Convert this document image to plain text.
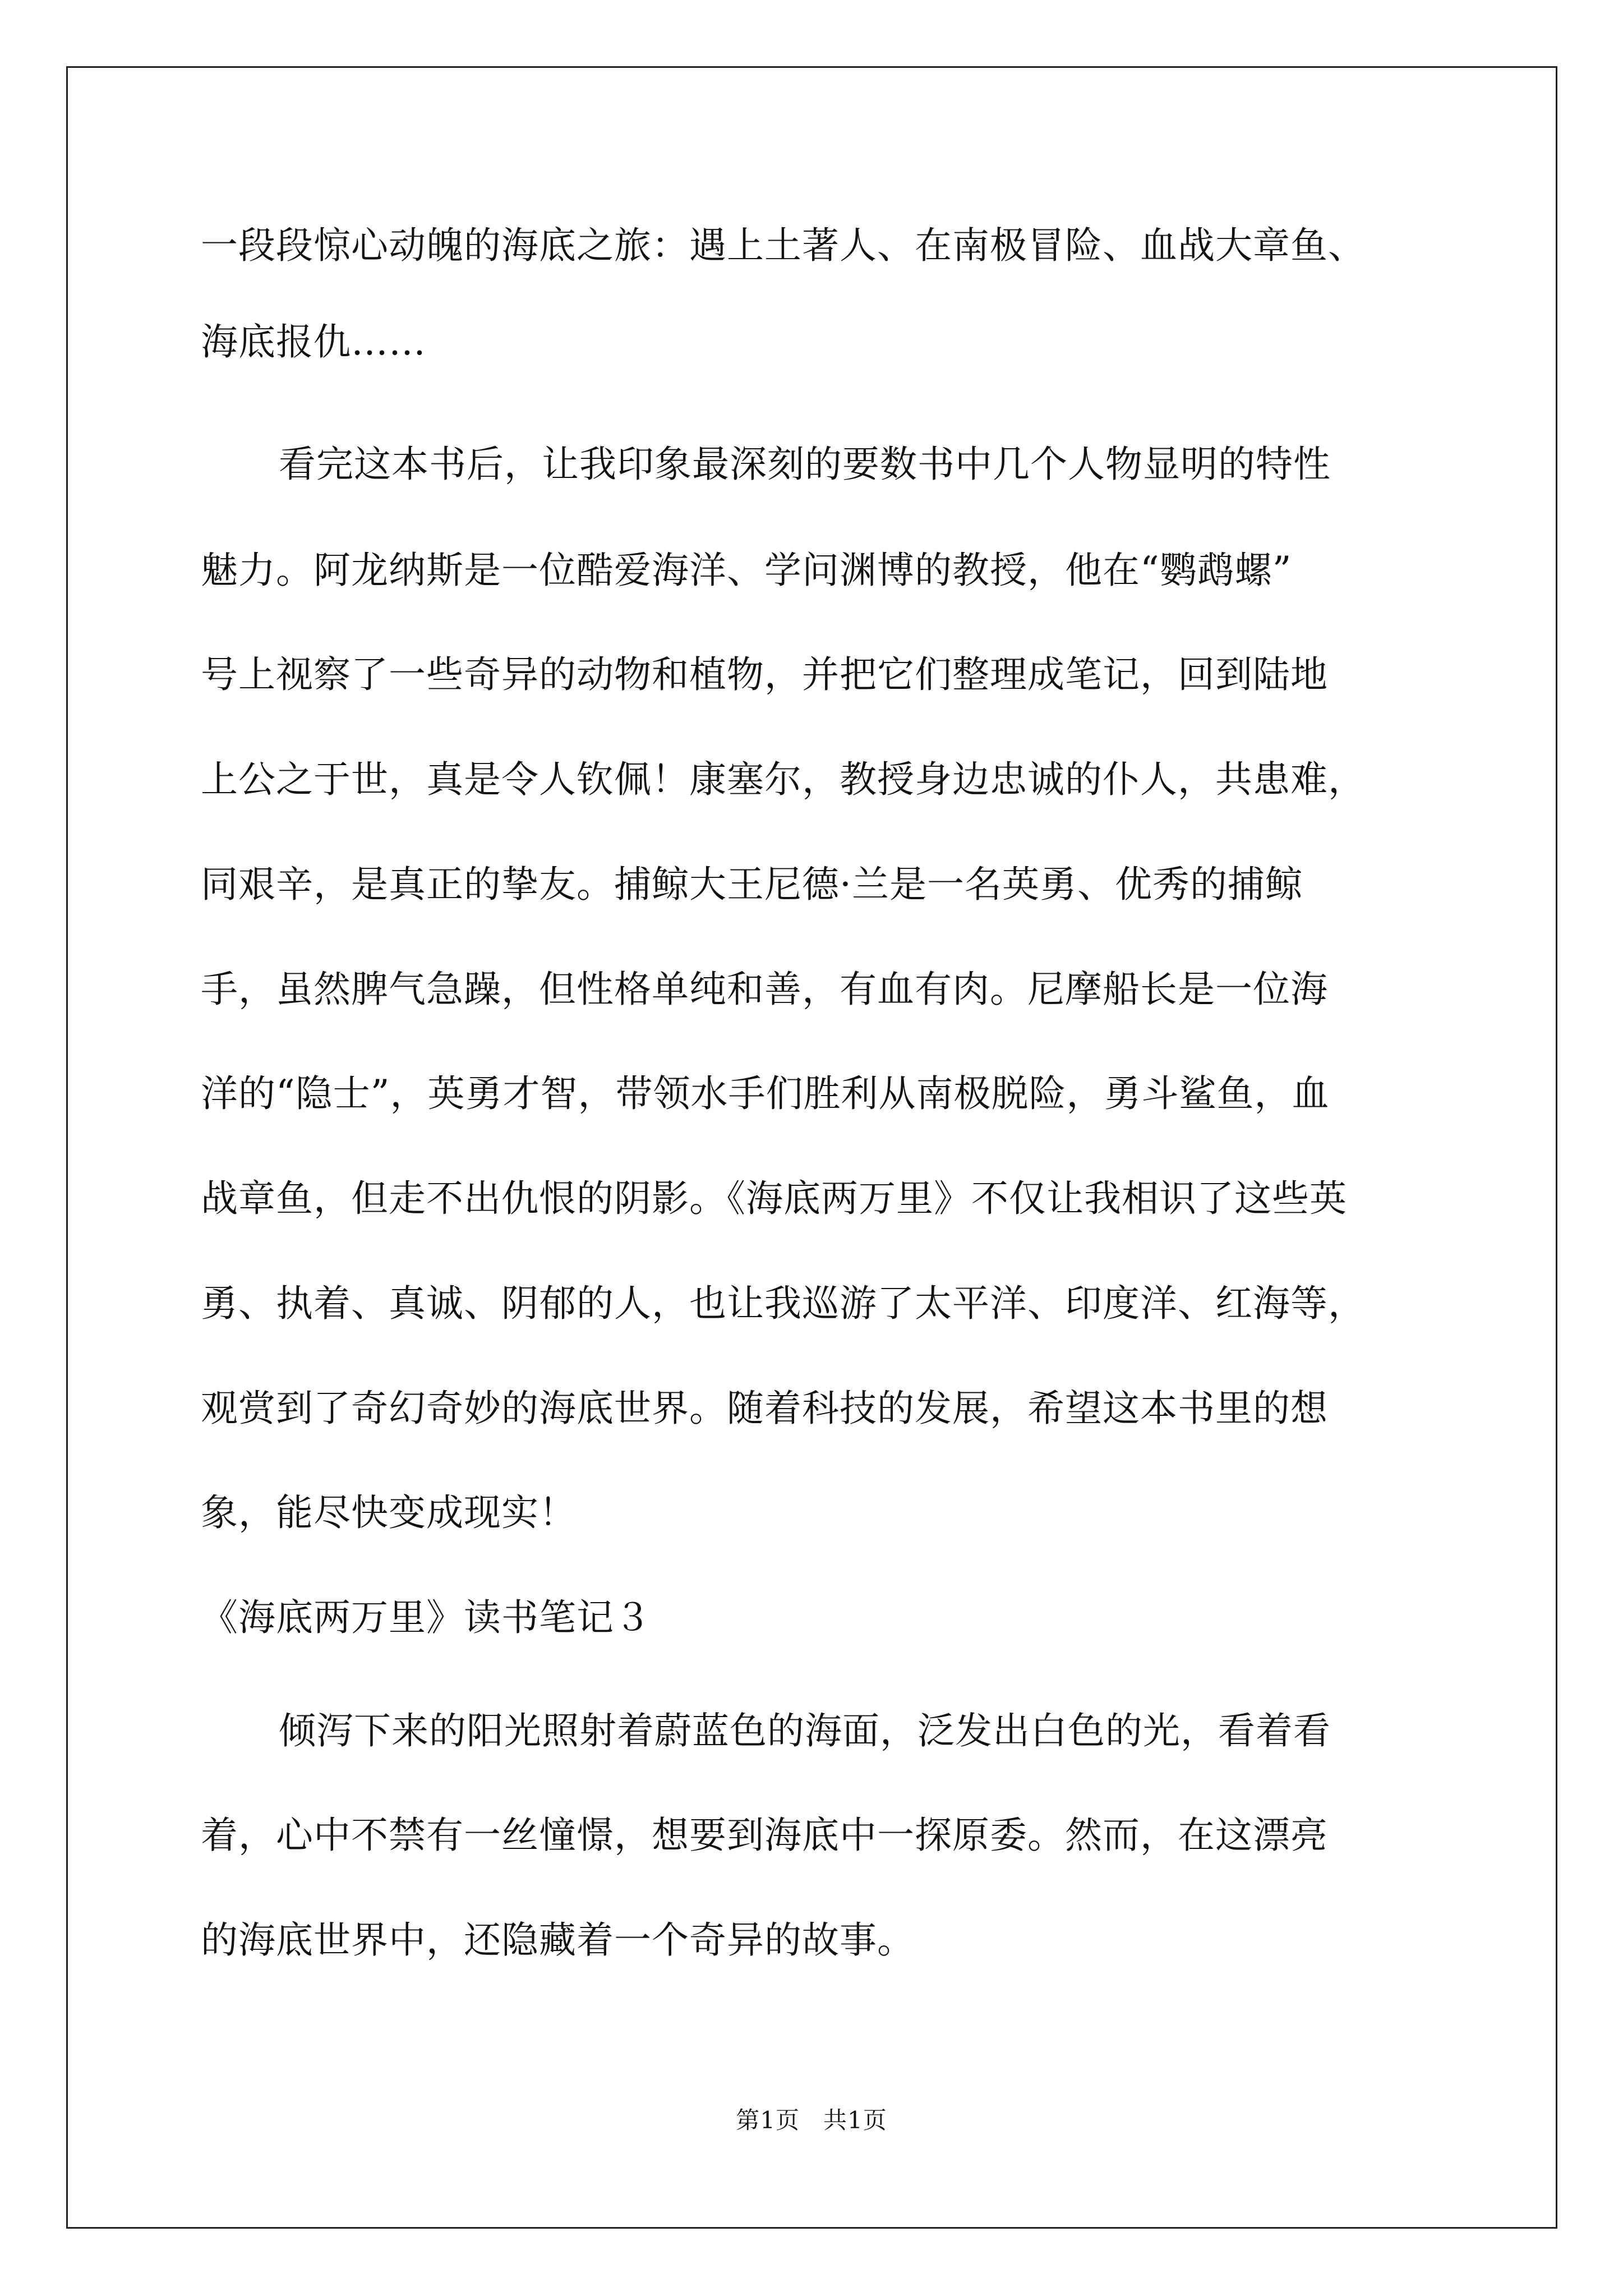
一段段惊心动魄的海底之旅：遇上土著人、在南极冒险、血战大章鱼、
海底报仇……
看完这本书后，让我印象最深刻的要数书中几个人物显明的特性
魅力。阿龙纳斯是一位酷爱海洋、学问渊博的教授，他在“鹦鹉螺”
号上视察了一些奇异的动物和植物，并把它们整理成笔记，回到陆地
上公之于世，真是令人钦佩！康塞尔，教授身边忠诚的仆人，共患难，
同艰辛，是真正的挚友。捕鲸大王尼德·兰是一名英勇、优秀的捕鲸
手，虽然脾气急躁，但性格单纯和善，有血有肉。尼摩船长是一位海
洋的“隐士”，英勇才智，带领水手们胜利从南极脱险，勇斗鲨鱼，血
战章鱼，但走不出仇恨的阴影。《海底两万里》不仅让我相识了这些英
勇、执着、真诚、阴郁的人，也让我巡游了太平洋、印度洋、红海等，
观赏到了奇幻奇妙的海底世界。随着科技的发展，希望这本书里的想
象，能尽快变成现实！
《海底两万里》读书笔记３
倾泻下来的阳光照射着蔚蓝色的海面，泛发出白色的光，看着看
着，心中不禁有一丝憧憬，想要到海底中一探原委。然而，在这漂亮
的海底世界中，还隐藏着一个奇异的故事。
第1页 共1页
